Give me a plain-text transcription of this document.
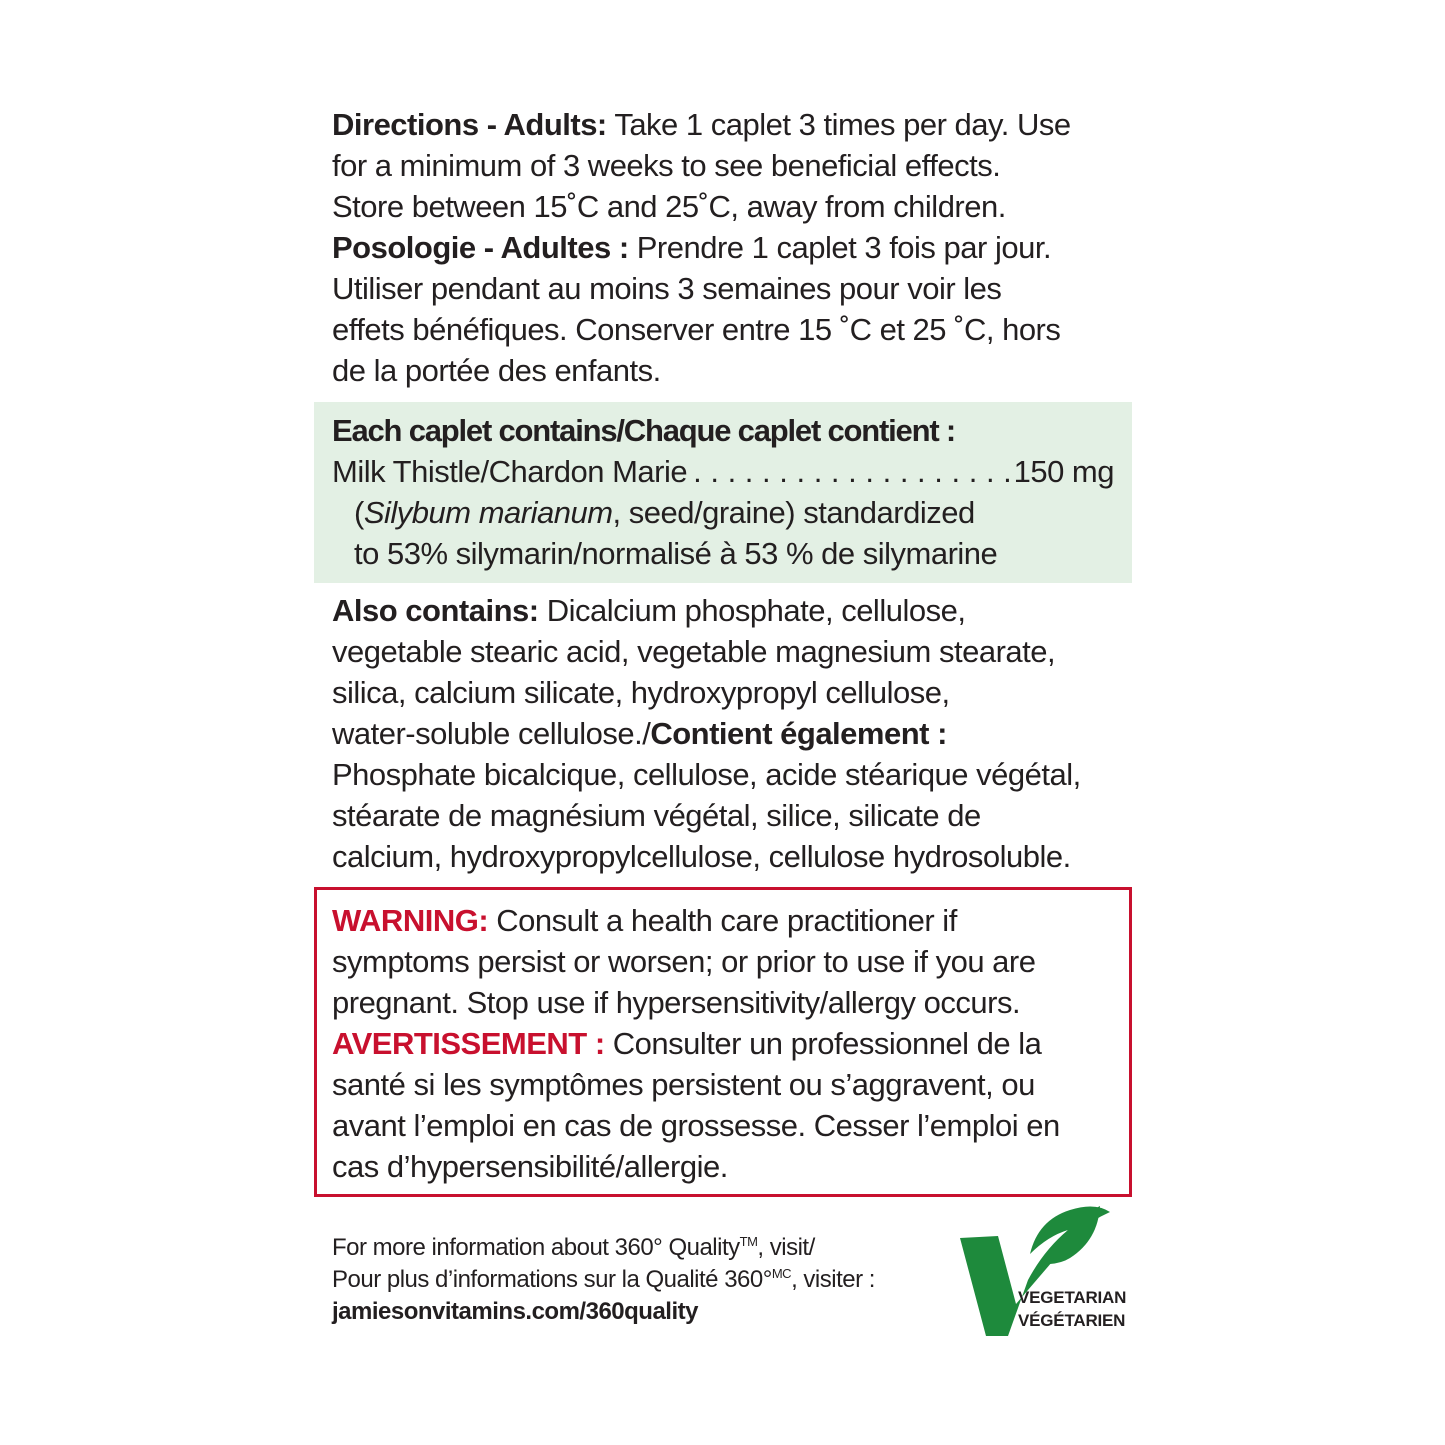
Directions - Adults: Take 1 caplet 3 times per day. Use
for a minimum of 3 weeks to see beneficial effects.
Store between 15˚C and 25˚C, away from children.
Posologie - Adultes : Prendre 1 caplet 3 fois par jour.
Utiliser pendant au moins 3 semaines pour voir les
effets bénéfiques. Conserver entre 15 ˚C et 25 ˚C, hors
de la portée des enfants.
Each caplet contains/Chaque caplet contient :
Milk Thistle/Chardon Marie
. . .	150 mg
(Silybum marianum, seed/graine) standardized
to 53% silymarin/normalisé à 53 % de silymarine
Also contains: Dicalcium phosphate, cellulose,
vegetable stearic acid, vegetable magnesium stearate,
silica, calcium silicate, hydroxypropyl cellulose,
water-soluble cellulose./Contient également :
Phosphate bicalcique, cellulose, acide stéarique végétal,
stéarate de magnésium végétal, silice, silicate de
calcium, hydroxypropylcellulose, cellulose hydrosoluble.
WARNING: Consult a health care practitioner if
symptoms persist or worsen; or prior to use if you are
pregnant. Stop use if hypersensitivity/allergy occurs.
AVERTISSEMENT : Consulter un professionnel de la
santé si les symptômes persistent ou s’aggravent, ou
avant l’emploi en cas de grossesse. Cesser l’emploi en
cas d’hypersensibilité/allergie.
For more information about 360° Quality™, visit/
Pour plus d’informations sur la Qualité 360°$^{MC}$, visiter :
jamiesonvitamins.com/360quality
VEGETARIAN
VÉGÉTARIEN
